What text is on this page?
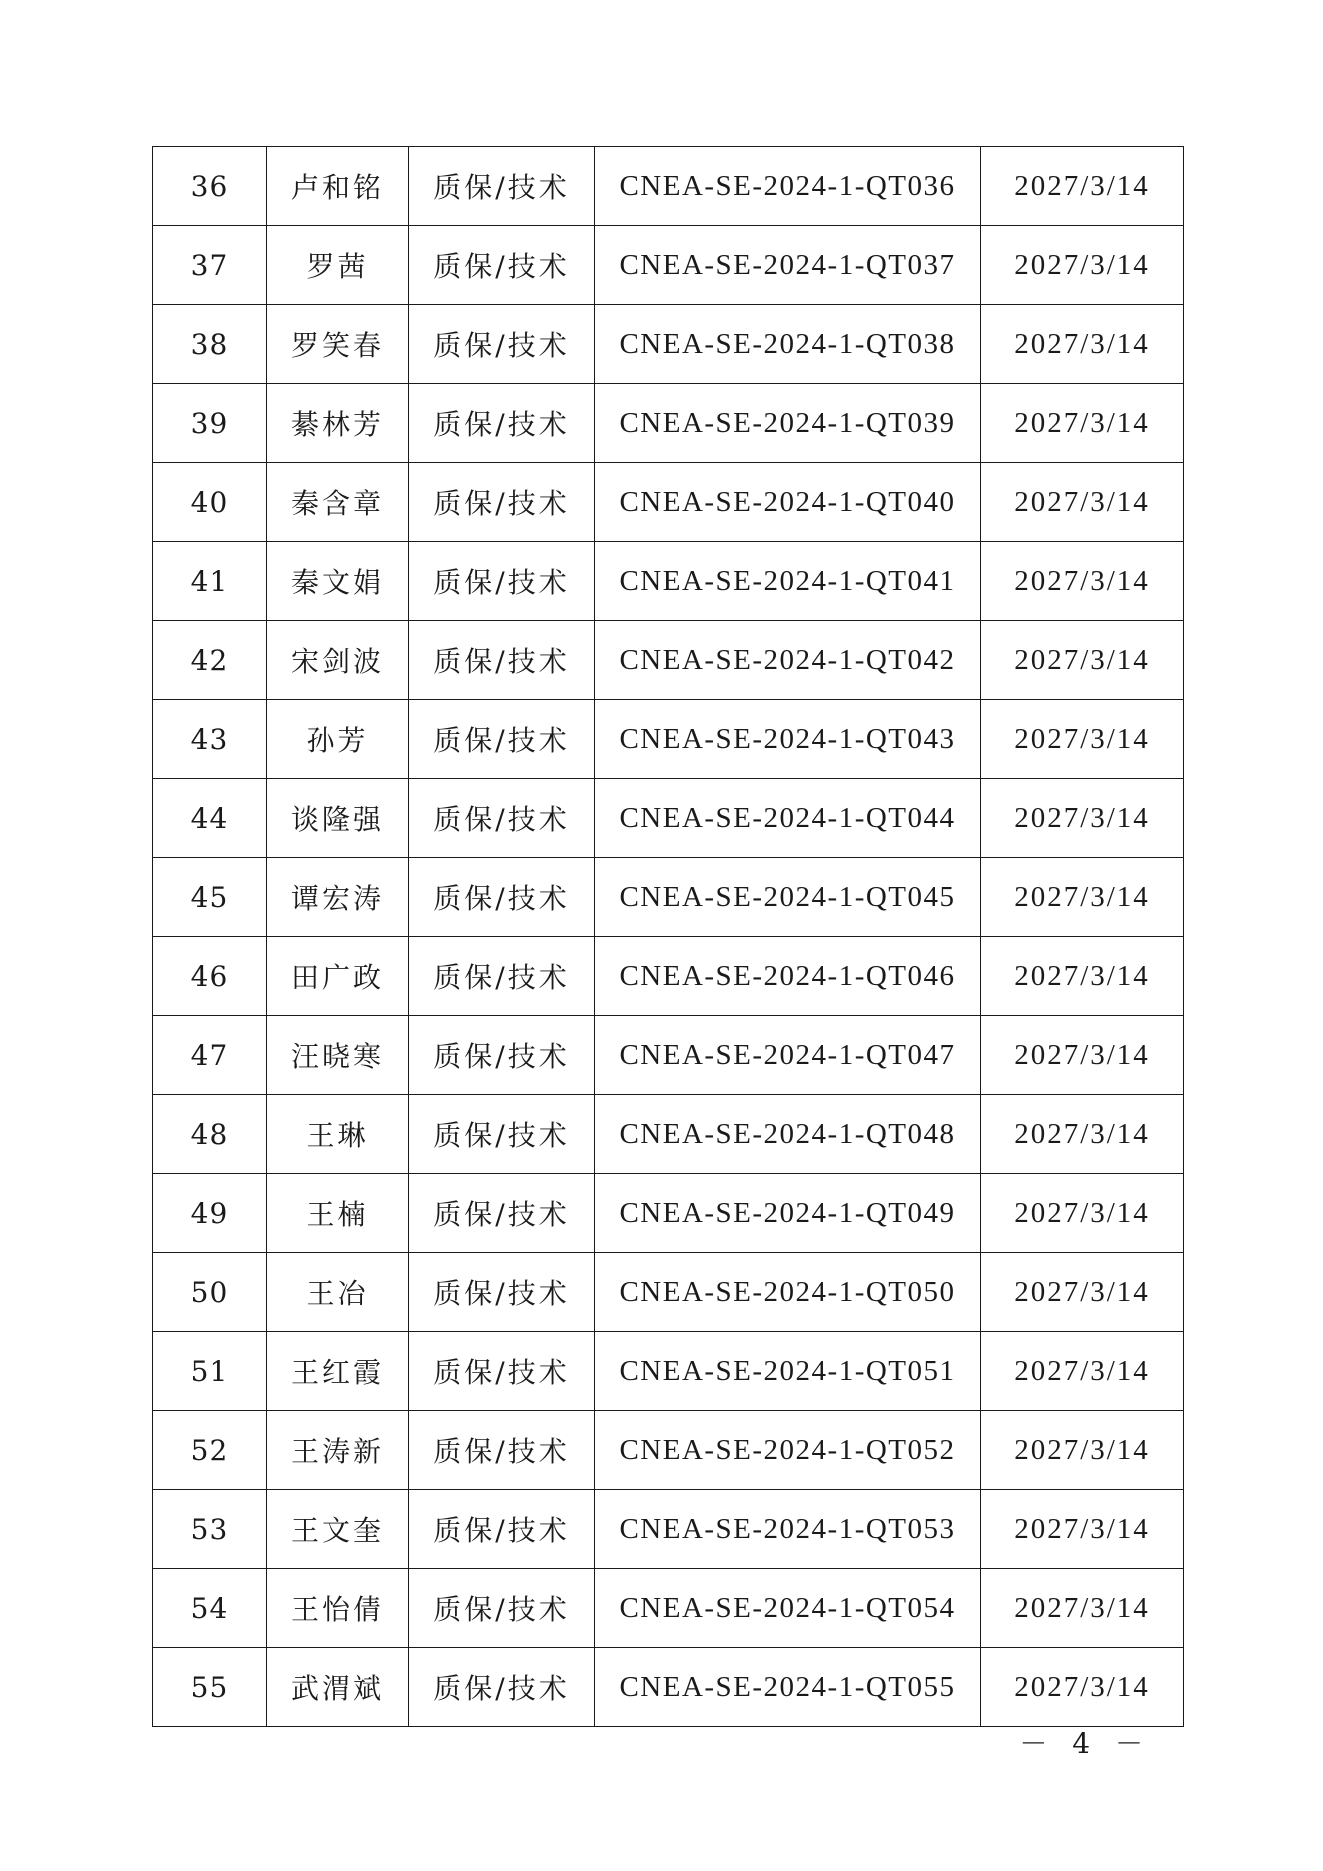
36	卢和铭	质保/技术	CNEA-SE-2024-1-QT036	2027/3/14
37	罗茜	质保/技术	CNEA-SE-2024-1-QT037	2027/3/14
38	罗笑春	质保/技术	CNEA-SE-2024-1-QT038	2027/3/14
39	綦林芳	质保/技术	CNEA-SE-2024-1-QT039	2027/3/14
40	秦含章	质保/技术	CNEA-SE-2024-1-QT040	2027/3/14
41	秦文娟	质保/技术	CNEA-SE-2024-1-QT041	2027/3/14
42	宋剑波	质保/技术	CNEA-SE-2024-1-QT042	2027/3/14
43	孙芳	质保/技术	CNEA-SE-2024-1-QT043	2027/3/14
44	谈隆强	质保/技术	CNEA-SE-2024-1-QT044	2027/3/14
45	谭宏涛	质保/技术	CNEA-SE-2024-1-QT045	2027/3/14
46	田广政	质保/技术	CNEA-SE-2024-1-QT046	2027/3/14
47	汪晓寒	质保/技术	CNEA-SE-2024-1-QT047	2027/3/14
48	王琳	质保/技术	CNEA-SE-2024-1-QT048	2027/3/14
49	王楠	质保/技术	CNEA-SE-2024-1-QT049	2027/3/14
50	王冶	质保/技术	CNEA-SE-2024-1-QT050	2027/3/14
51	王红霞	质保/技术	CNEA-SE-2024-1-QT051	2027/3/14
52	王涛新	质保/技术	CNEA-SE-2024-1-QT052	2027/3/14
53	王文奎	质保/技术	CNEA-SE-2024-1-QT053	2027/3/14
54	王怡倩	质保/技术	CNEA-SE-2024-1-QT054	2027/3/14
55	武渭斌	质保/技术	CNEA-SE-2024-1-QT055	2027/3/14
－ 4 －
